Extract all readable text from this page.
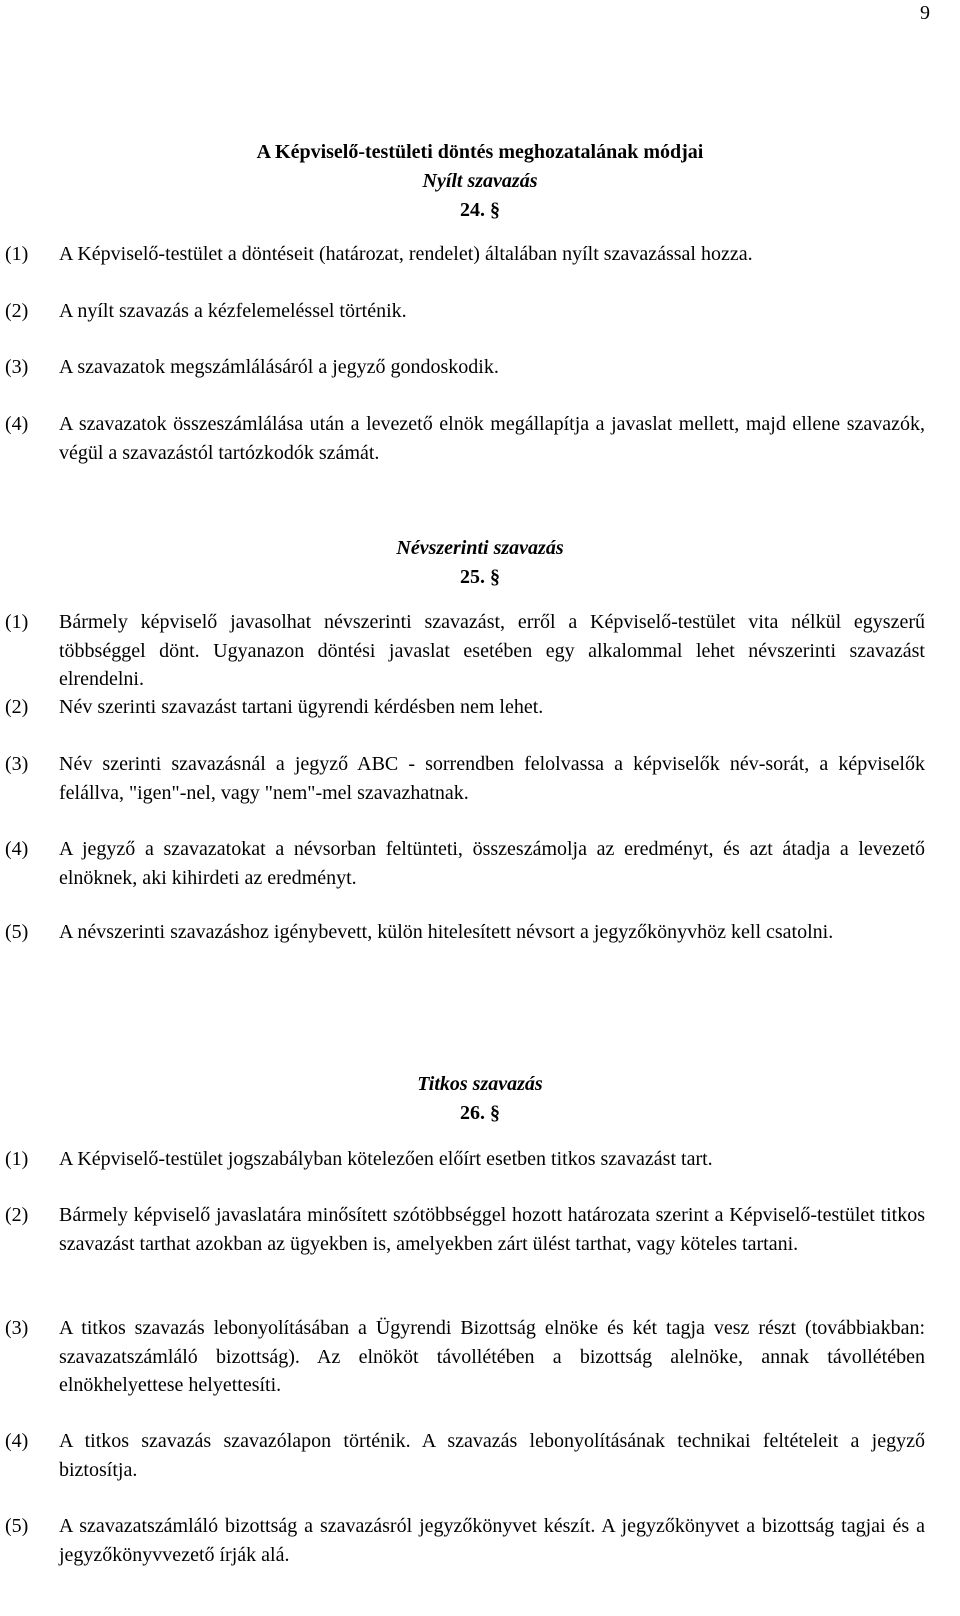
9
A Képviselő-testületi döntés meghozatalának módjai
Nyílt szavazás
24. §
(1)	A Képviselő-testület a döntéseit (határozat, rendelet) általában nyílt szavazással hozza.
(2)	A nyílt szavazás a kézfelemeléssel történik.
(3)	A szavazatok megszámlálásáról a jegyző gondoskodik.
(4)	A szavazatok összeszámlálása után a levezető elnök megállapítja a javaslat mellett, majd ellene szavazók, végül a szavazástól tartózkodók számát.
Névszerinti szavazás
25. §
(1)	Bármely képviselő javasolhat névszerinti szavazást, erről a Képviselő-testület vita nélkül egyszerű többséggel dönt. Ugyanazon döntési javaslat esetében egy alkalommal lehet névszerinti szavazást elrendelni.
(2)	Név szerinti szavazást tartani ügyrendi kérdésben nem lehet.
(3)	Név szerinti szavazásnál a jegyző ABC - sorrendben felolvassa a képviselők név-sorát, a képviselők felállva, "igen"-nel, vagy "nem"-mel szavazhatnak.
(4)	A jegyző a szavazatokat a névsorban feltünteti, összeszámolja az eredményt, és azt átadja a levezető elnöknek, aki kihirdeti az eredményt.
(5)	A névszerinti szavazáshoz igénybevett, külön hitelesített névsort a jegyzőkönyvhöz kell csatolni.
Titkos szavazás
26. §
(1)	A Képviselő-testület jogszabályban kötelezően előírt esetben titkos szavazást tart.
(2)	Bármely képviselő javaslatára minősített szótöbbséggel hozott határozata szerint a Képviselő-testület titkos szavazást tarthat azokban az ügyekben is, amelyekben zárt ülést tarthat, vagy köteles tartani.
(3)	A titkos szavazás lebonyolításában a Ügyrendi Bizottság elnöke és két tagja vesz részt (továbbiakban: szavazatszámláló bizottság). Az elnököt távollétében a bizottság alelnöke, annak távollétében elnökhelyettese helyettesíti.
(4)	A titkos szavazás szavazólapon történik. A szavazás lebonyolításának technikai feltételeit a jegyző biztosítja.
(5)	A szavazatszámláló bizottság a szavazásról jegyzőkönyvet készít. A jegyzőkönyvet a bizottság tagjai és a jegyzőkönyvvezető írják alá.
